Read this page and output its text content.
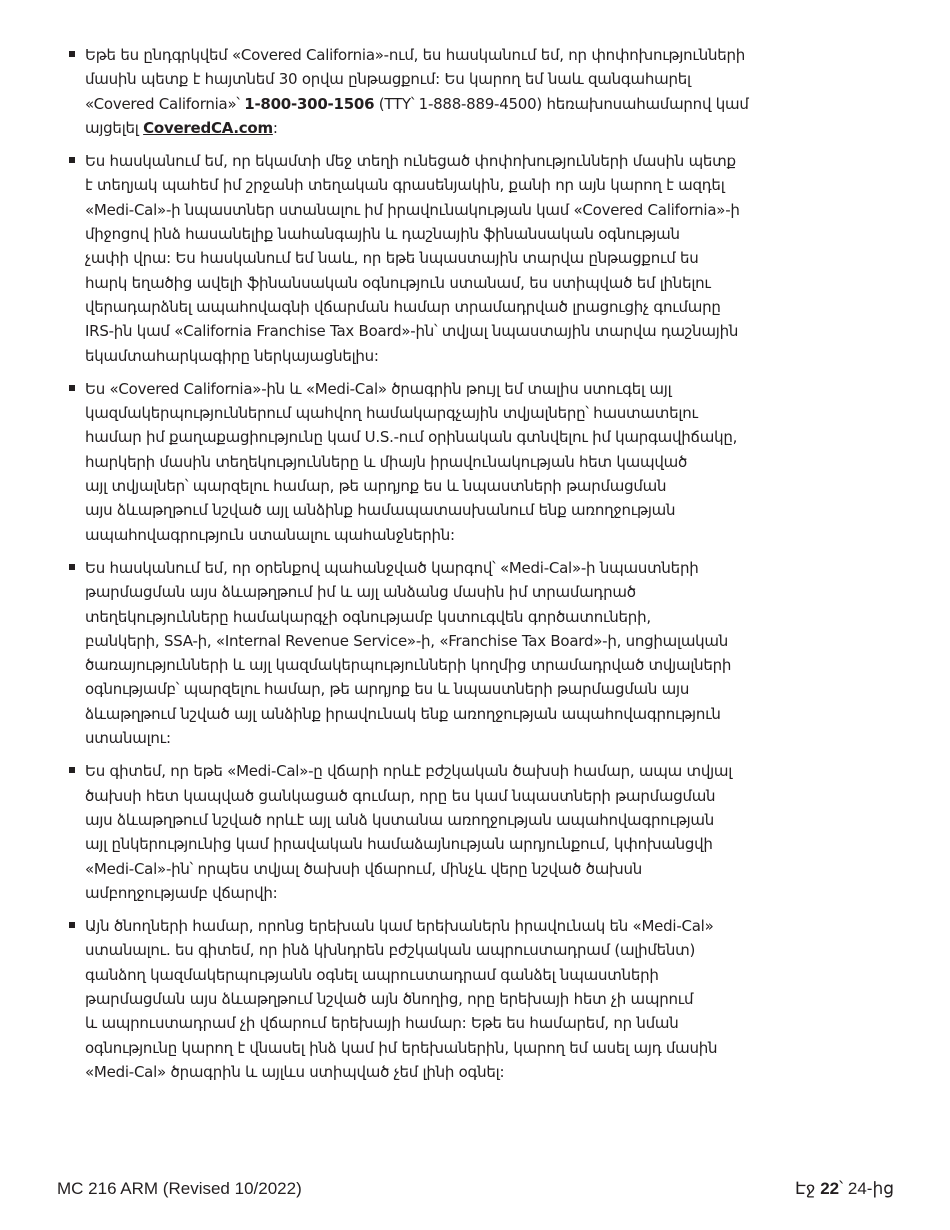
Եթե ես ընդգրկվեմ «Covered California»-ում, ես հասկանում եմ, որ փոփոխությունների
մասին պետք է հայտնեմ 30 օրվա ընթացքում: Ես կարող եմ նաև զանգահարել
«Covered California»՝ 1-800-300-1506 (TTY՝ 1-888-889-4500) հեռախոսահամարով կամ
այցելել CoveredCA.com:
Ես հասկանում եմ, որ եկամտի մեջ տեղի ունեցած փոփոխությունների մասին պետք
է տեղյակ պահեմ իմ շրջանի տեղական գրասենյակին, քանի որ այն կարող է ազդել
«Medi-Cal»-ի նպաստներ ստանալու իմ իրավունակության կամ «Covered California»-ի
միջոցով ինձ հասանելիք նահանգային և դաշնային ֆինանսական օգնության
չափի վրա: Ես հասկանում եմ նաև, որ եթե նպաստային տարվա ընթացքում ես
հարկ եղածից ավելի ֆինանսական օգնություն ստանամ, ես ստիպված եմ լինելու
վերադարձնել ապահովագնի վճարման համար տրամադրված լրացուցիչ գումարը
IRS-ին կամ «California Franchise Tax Board»-ին՝ տվյալ նպաստային տարվա դաշնային
եկամտահարկագիրը ներկայացնելիս:
Ես «Covered California»-ին և «Medi-Cal» ծրագրին թույլ եմ տալիս ստուգել այլ
կազմակերպություններում պահվող համակարգչային տվյալները՝ հաստատելու
համար իմ քաղաքացիությունը կամ U.S.-ում օրինական գտնվելու իմ կարգավիճակը,
հարկերի մասին տեղեկությունները և միայն իրավունակության հետ կապված
այլ տվյալներ՝ պարզելու համար, թե արդյոք ես և նպաստների թարմացման
այս ձևաթղթում նշված այլ անձինք համապատասխանում ենք առողջության
ապահովագրություն ստանալու պահանջներին:
Ես հասկանում եմ, որ օրենքով պահանջված կարգով՝ «Medi-Cal»-ի նպաստների
թարմացման այս ձևաթղթում իմ և այլ անձանց մասին իմ տրամադրած
տեղեկությունները համակարգչի օգնությամբ կստուգվեն գործատուների,
բանկերի, SSA-ի, «Internal Revenue Service»-ի, «Franchise Tax Board»-ի, սոցիալական
ծառայությունների և այլ կազմակերպությունների կողմից տրամադրված տվյալների
օգնությամբ՝ պարզելու համար, թե արդյոք ես և նպաստների թարմացման այս
ձևաթղթում նշված այլ անձինք իրավունակ ենք առողջության ապահովագրություն
ստանալու:
Ես գիտեմ, որ եթե «Medi-Cal»-ը վճարի որևէ բժշկական ծախսի համար, ապա տվյալ
ծախսի հետ կապված ցանկացած գումար, որը ես կամ նպաստների թարմացման
այս ձևաթղթում նշված որևէ այլ անձ կստանա առողջության ապահովագրության
այլ ընկերությունից կամ իրավական համաձայնության արդյունքում, կփոխանցվի
«Medi-Cal»-ին՝ որպես տվյալ ծախսի վճարում, մինչև վերը նշված ծախսն
ամբողջությամբ վճարվի:
Այն ծնողների համար, որոնց երեխան կամ երեխաներն իրավունակ են «Medi-Cal»
ստանալու. ես գիտեմ, որ ինձ կխնդրեն բժշկական ապրուստադրամ (ալիմենտ)
գանձող կազմակերպությանն օգնել ապրուստադրամ գանձել նպաստների
թարմացման այս ձևաթղթում նշված այն ծնողից, որը երեխայի հետ չի ապրում
և ապրուստադրամ չի վճարում երեխայի համար: Եթե ես համարեմ, որ նման
օգնությունը կարող է վնասել ինձ կամ իմ երեխաներին, կարող եմ ասել այդ մասին
«Medi-Cal» ծրագրին և այլևս ստիպված չեմ լինի օգնել:
MC 216 ARM (Revised 10/2022)	Էջ 22՝ 24-ից
